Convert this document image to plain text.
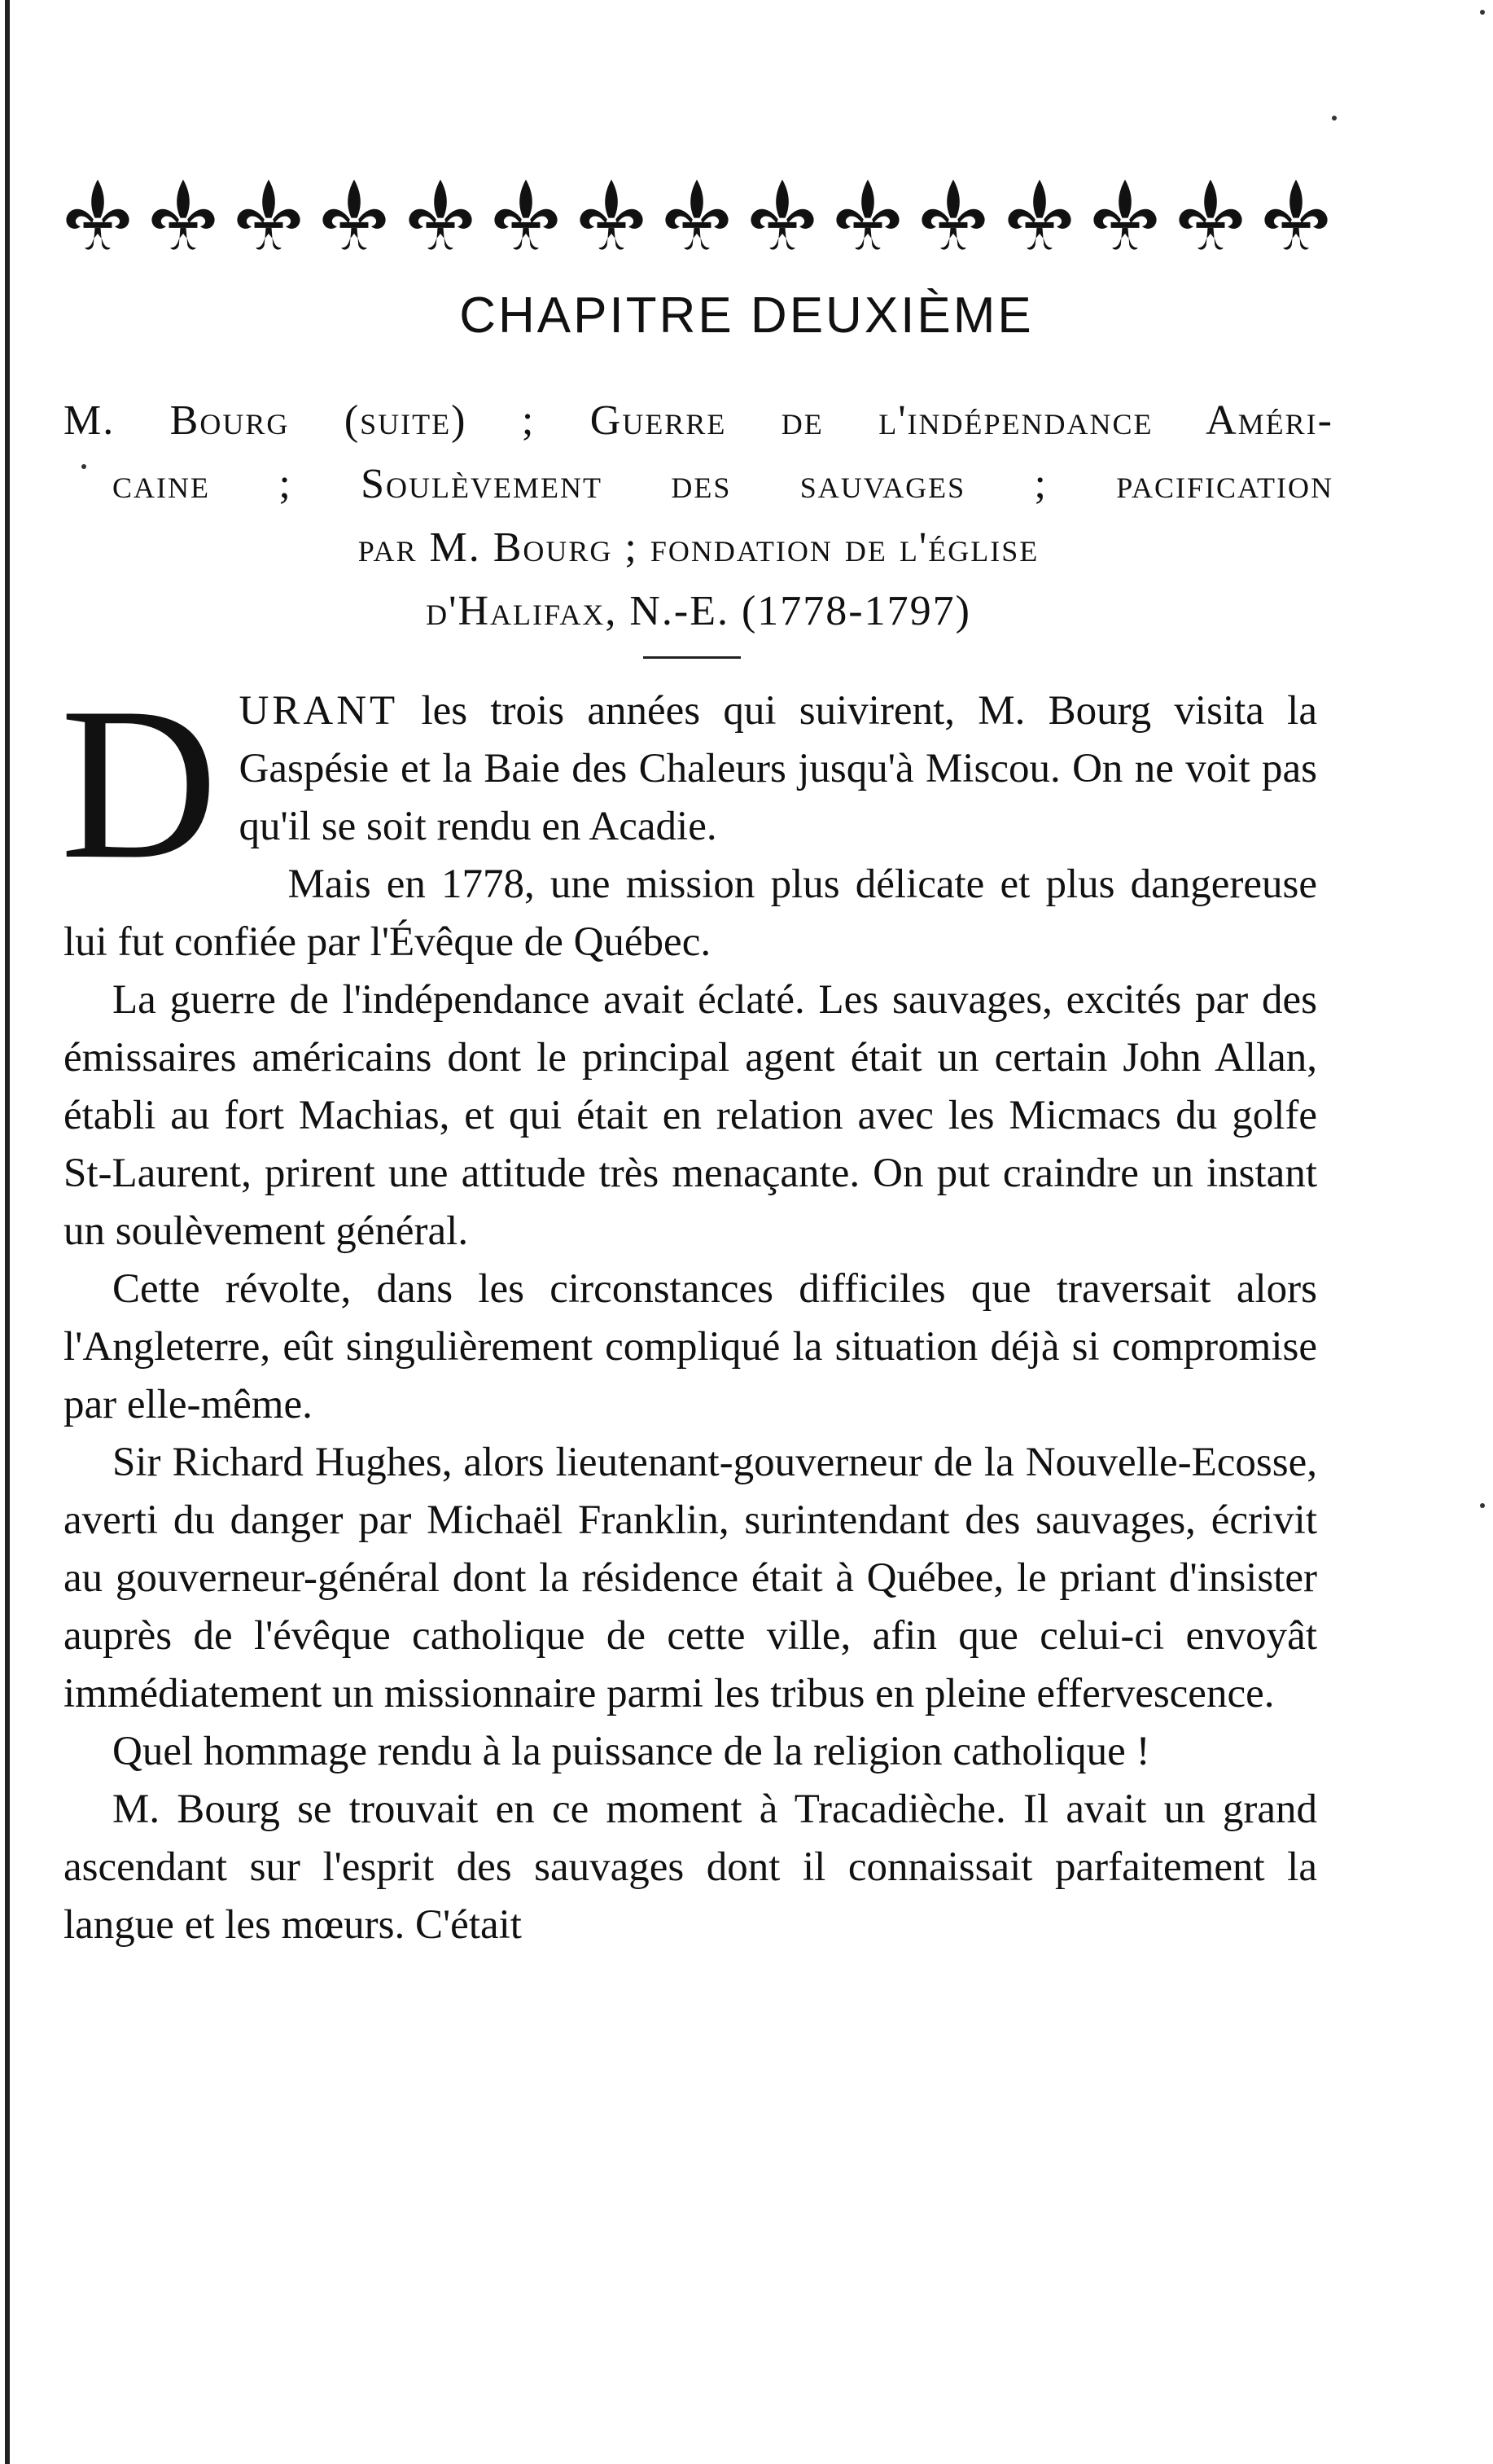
CHAPITRE DEUXIÈME
M. Bourg (suite) ; Guerre de l'indépendance Améri-
caine ; Soulèvement des sauvages ; pacification
par M. Bourg ; fondation de l'église
d'Halifax, N.-E. (1778-1797)

DURANT les trois années qui suivirent, M. Bourg visita la Gaspésie et la Baie des Chaleurs jusqu'à Miscou. On ne voit pas qu'il se soit rendu en Acadie.

Mais en 1778, une mission plus délicate et plus dangereuse lui fut confiée par l'Évêque de Québec.

La guerre de l'indépendance avait éclaté. Les sauvages, excités par des émissaires américains dont le principal agent était un certain John Allan, établi au fort Machias, et qui était en relation avec les Micmacs du golfe St-Laurent, prirent une attitude très menaçante. On put craindre un instant un soulèvement général.

Cette révolte, dans les circonstances difficiles que traversait alors l'Angleterre, eût singulièrement compliqué la situation déjà si compromise par elle-même.

Sir Richard Hughes, alors lieutenant-gouverneur de la Nouvelle-Ecosse, averti du danger par Michaël Franklin, surintendant des sauvages, écrivit au gouverneur-général dont la résidence était à Québee, le priant d'insister auprès de l'évêque catholique de cette ville, afin que celui-ci envoyât immédiatement un missionnaire parmi les tribus en pleine effervescence.

Quel hommage rendu à la puissance de la religion catholique !

M. Bourg se trouvait en ce moment à Tracadièche. Il avait un grand ascendant sur l'esprit des sauvages dont il connaissait parfaitement la langue et les mœurs. C'était
